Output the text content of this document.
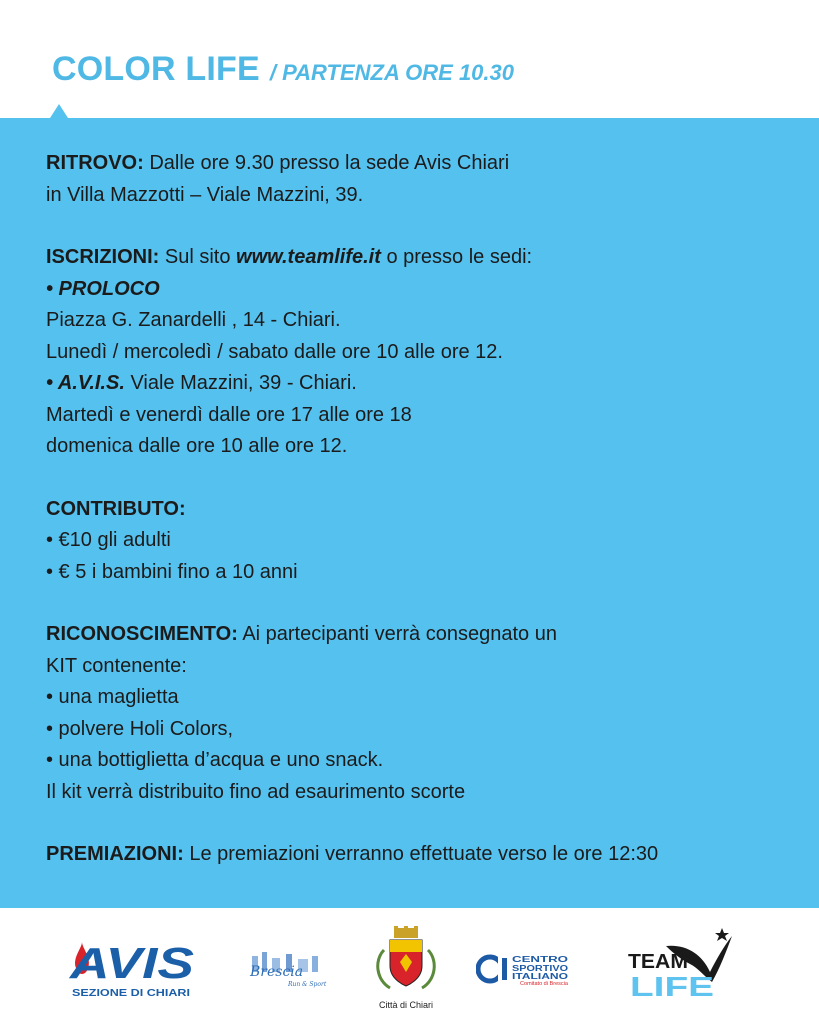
COLOR LIFE / PARTENZA ORE 10.30

RITROVO: Dalle ore 9.30 presso la sede Avis Chiari

in Villa Mazzotti – Viale Mazzini, 39.

ISCRIZIONI: Sul sito www.teamlife.it o presso le sedi:

• PROLOCO

Piazza G. Zanardelli , 14 - Chiari.

Lunedì / mercoledì / sabato dalle ore 10 alle ore 12.

• A.V.I.S. Viale Mazzini, 39 - Chiari.

Martedì e venerdì dalle ore 17 alle ore 18

domenica dalle ore 10 alle ore 12.

CONTRIBUTO:

• €10 gli adulti

• € 5 i bambini fino a 10 anni

RICONOSCIMENTO: Ai partecipanti verrà consegnato un

KIT contenente:

• una maglietta

• polvere Holi Colors,

• una bottiglietta d’acqua e uno snack.

Il kit verrà distribuito fino ad esaurimento scorte

PREMIAZIONI: Le premiazioni verranno effettuate verso le ore 12:30

AVIS
SEZIONE DI CHIARI
Brescia
Run & Sport
Città di Chiari
CENTRO
SPORTIVO
ITALIANO
Comitato di Brescia
TEAM
LIFE
